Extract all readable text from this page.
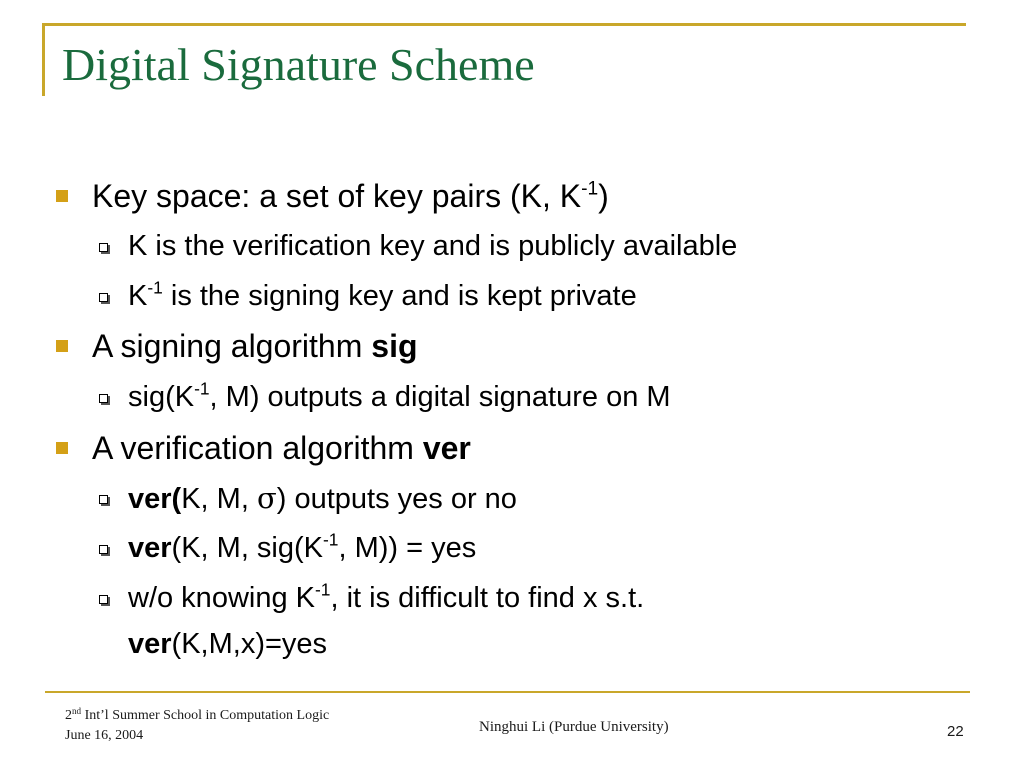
Digital Signature Scheme
Key space: a set of key pairs (K, $K^{-1}$)
K is the verification key and is publicly available
$K^{-1}$ is the signing key and is kept private
A signing algorithm sig
$sig(K^{-1}$, M) outputs a digital signature on M
A verification algorithm ver
ver(K, M, σ) outputs yes or no
ver(K, M, $sig(K^{-1}$, M)) = yes
w/o knowing $K^{-1}$, it is difficult to find x s.t.
ver(K,M,x)=yes
2nd Int’l Summer School in Computation Logic
June 16, 2004
Ninghui Li (Purdue University)	22
